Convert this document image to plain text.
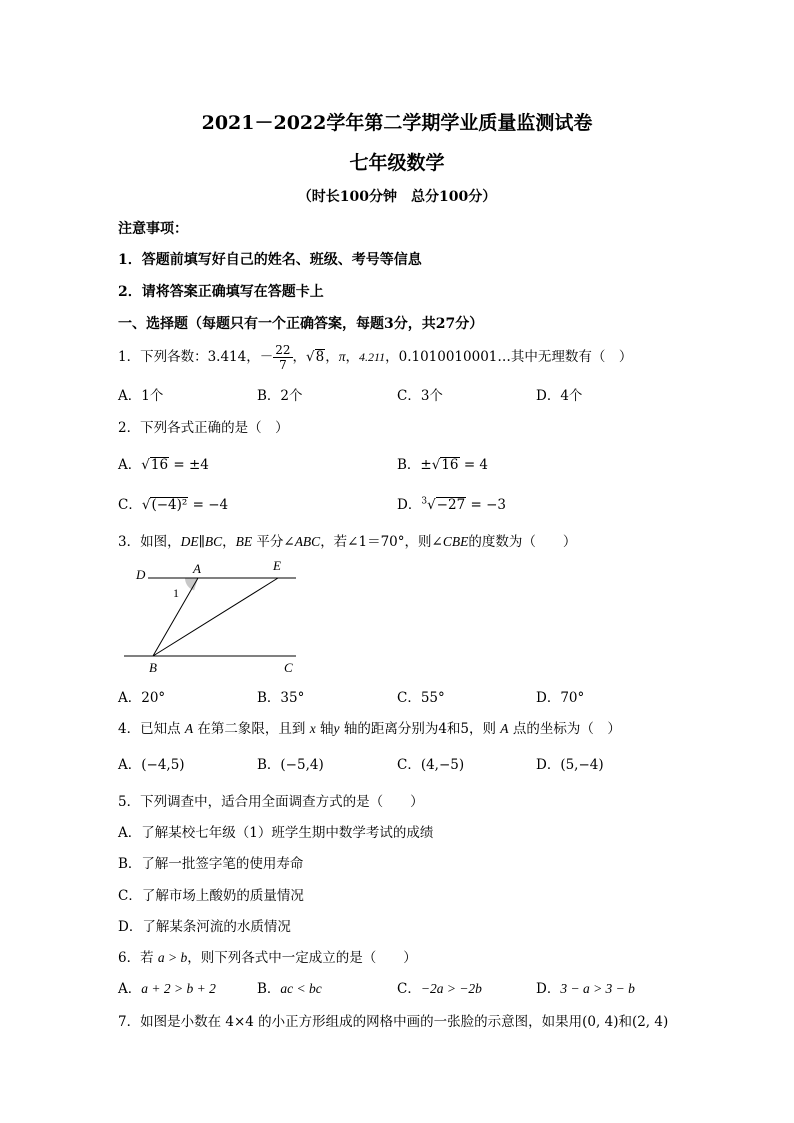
2021－2022学年第二学期学业质量监测试卷
七年级数学
（时长100分钟　总分100分）
注意事项：
1．答题前填写好自己的姓名、班级、考号等信息
2．请将答案正确填写在答题卡上
一、选择题（每题只有一个正确答案，每题3分，共27分）
1．下列各数：3.414，－ $\frac{22}{7}$ ，√8，π，4.211，0.1010010001…其中无理数有（　）
A．1个	B．2个	C．3个	D．4个
2．下列各式正确的是（　）
A．√16 = ±4	B．±√16 = 4
C．√(−4)² = −4	D．$^3$√−27 = −3
3．如图，DE∥BC，BE 平分∠ABC，若∠1＝70°，则∠CBE的度数为（　　）
D	A	E
1
B	C
A．20°	B．35°	C．55°	D．70°
4．已知点 A 在第二象限，且到 x 轴y 轴的距离分别为4和5，则 A 点的坐标为（　）
A．(−4,5)	B．(−5,4)	C．(4,−5)	D．(5,−4)
5．下列调查中，适合用全面调查方式的是（　　）
A．了解某校七年级（1）班学生期中数学考试的成绩
B．了解一批签字笔的使用寿命
C．了解市场上酸奶的质量情况
D．了解某条河流的水质情况
6．若 a > b，则下列各式中一定成立的是（　　）
A．a + 2 > b + 2	B．ac < bc	C．−2a > −2b	D．3 − a > 3 − b
7．如图是小数在 4×4 的小正方形组成的网格中画的一张脸的示意图，如果用(0, 4)和(2, 4)
